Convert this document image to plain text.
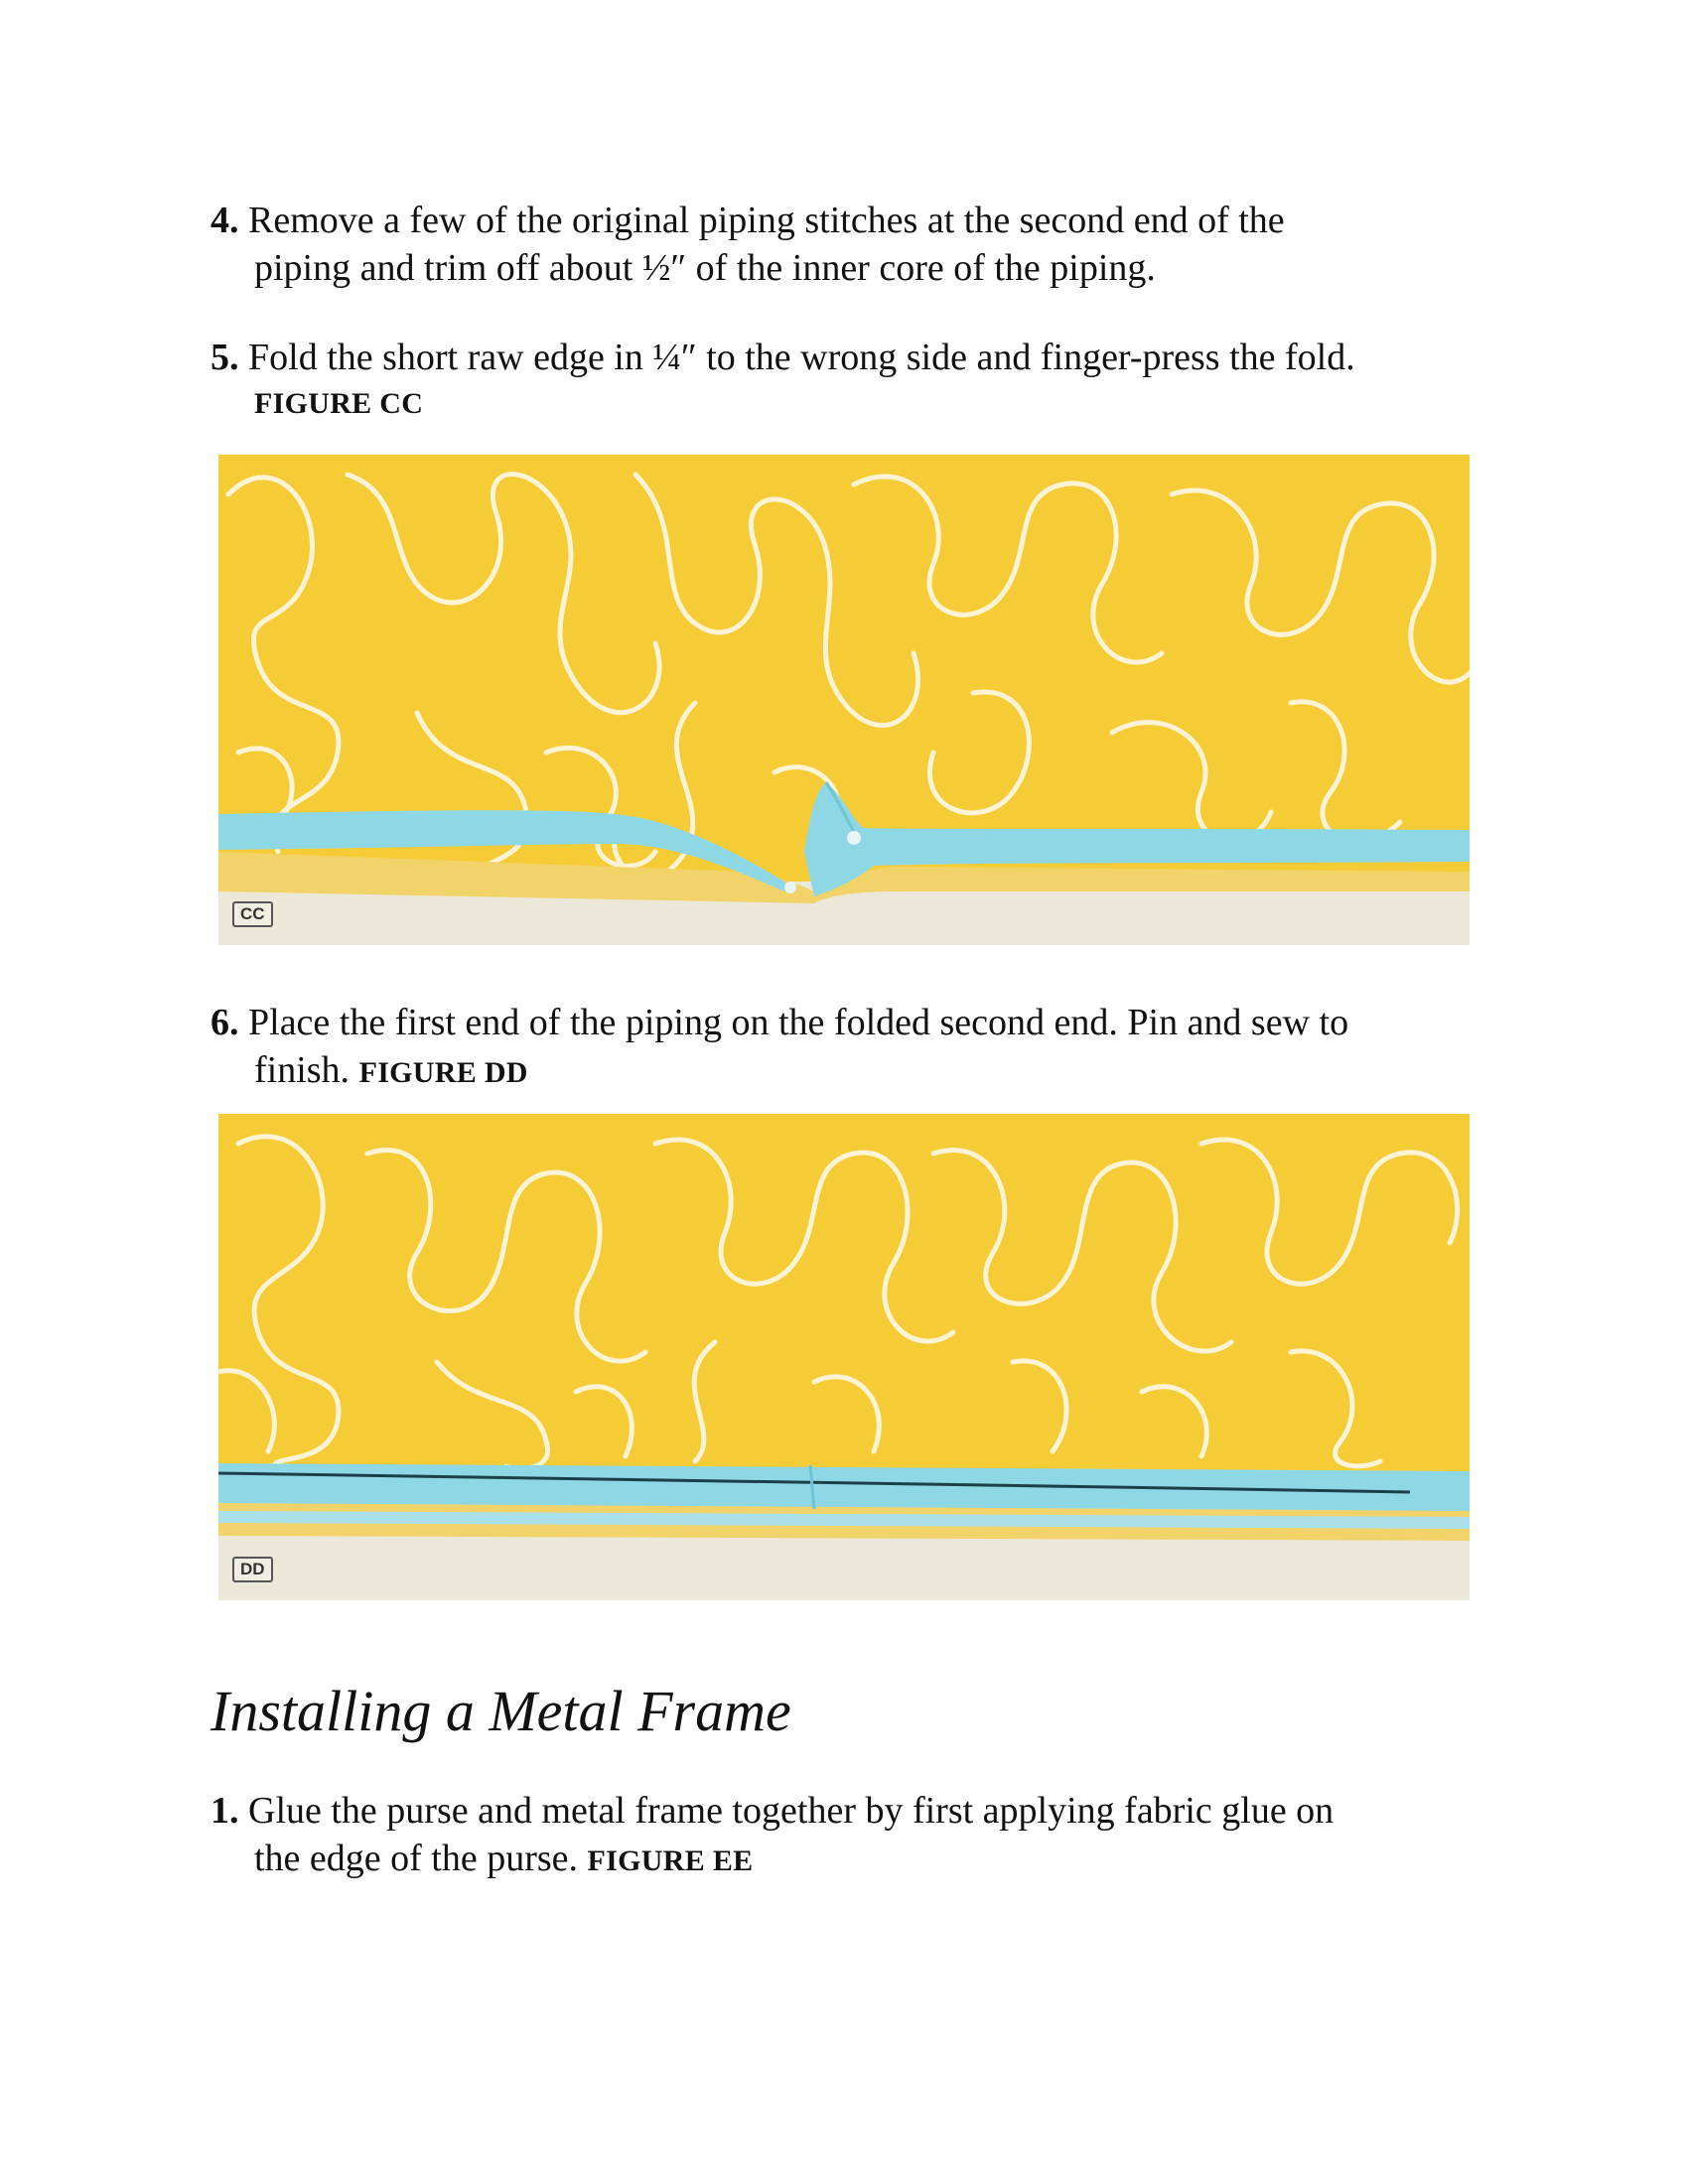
4. Remove a few of the original piping stitches at the second end of the
piping and trim off about ½″ of the inner core of the piping.
5. Fold the short raw edge in ¼″ to the wrong side and finger-press the fold.
FIGURE CC
CC
6. Place the first end of the piping on the folded second end. Pin and sew to
finish. FIGURE DD
DD
Installing a Metal Frame
1. Glue the purse and metal frame together by first applying fabric glue on
the edge of the purse. FIGURE EE
